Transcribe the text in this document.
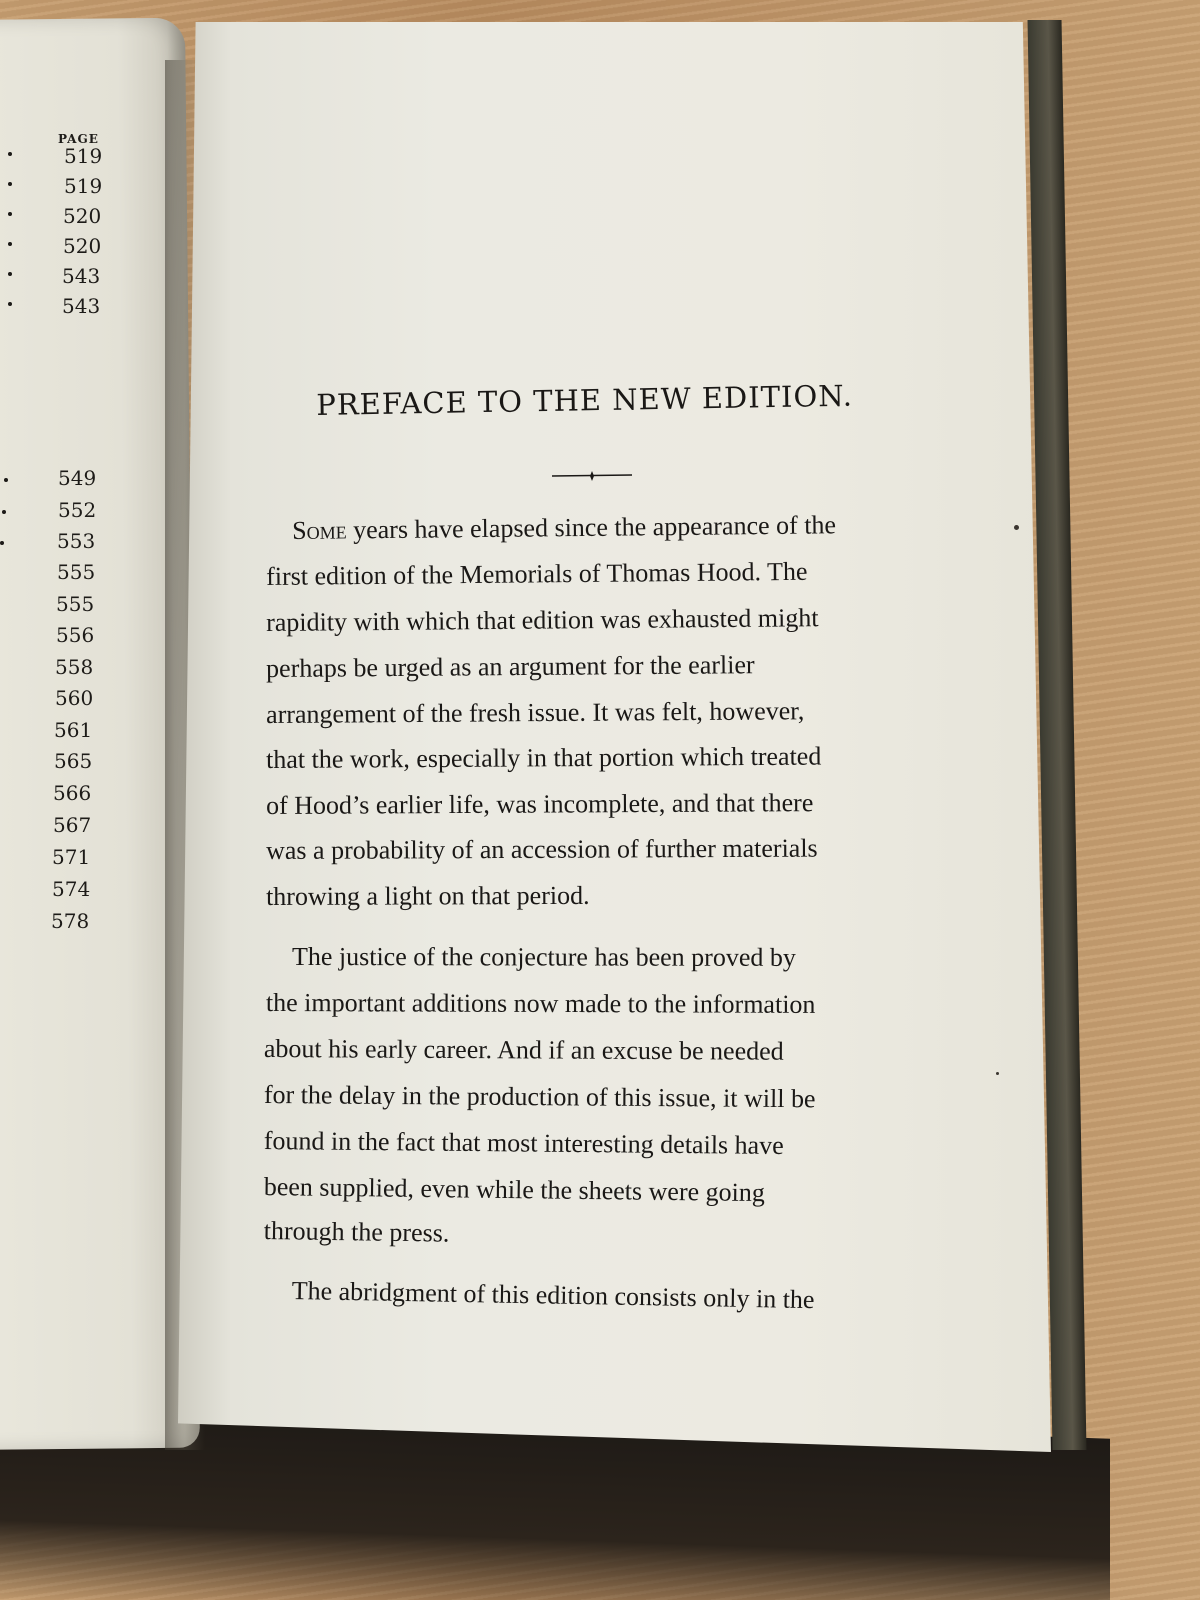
PAGE
519
519
520
520
543
543
549
552
553
555
555
556
558
560
561
565
566
567
571
574
578
PREFACE TO THE NEW EDITION.
Some years have elapsed since the appearance of the
first edition of the Memorials of Thomas Hood. The
rapidity with which that edition was exhausted might
perhaps be urged as an argument for the earlier
arrangement of the fresh issue. It was felt, however,
that the work, especially in that portion which treated
of Hood’s earlier life, was incomplete, and that there
was a probability of an accession of further materials
throwing a light on that period.
The justice of the conjecture has been proved by
the important additions now made to the information
about his early career. And if an excuse be needed
for the delay in the production of this issue, it will be
found in the fact that most interesting details have
been supplied, even while the sheets were going
through the press.
The abridgment of this edition consists only in the
